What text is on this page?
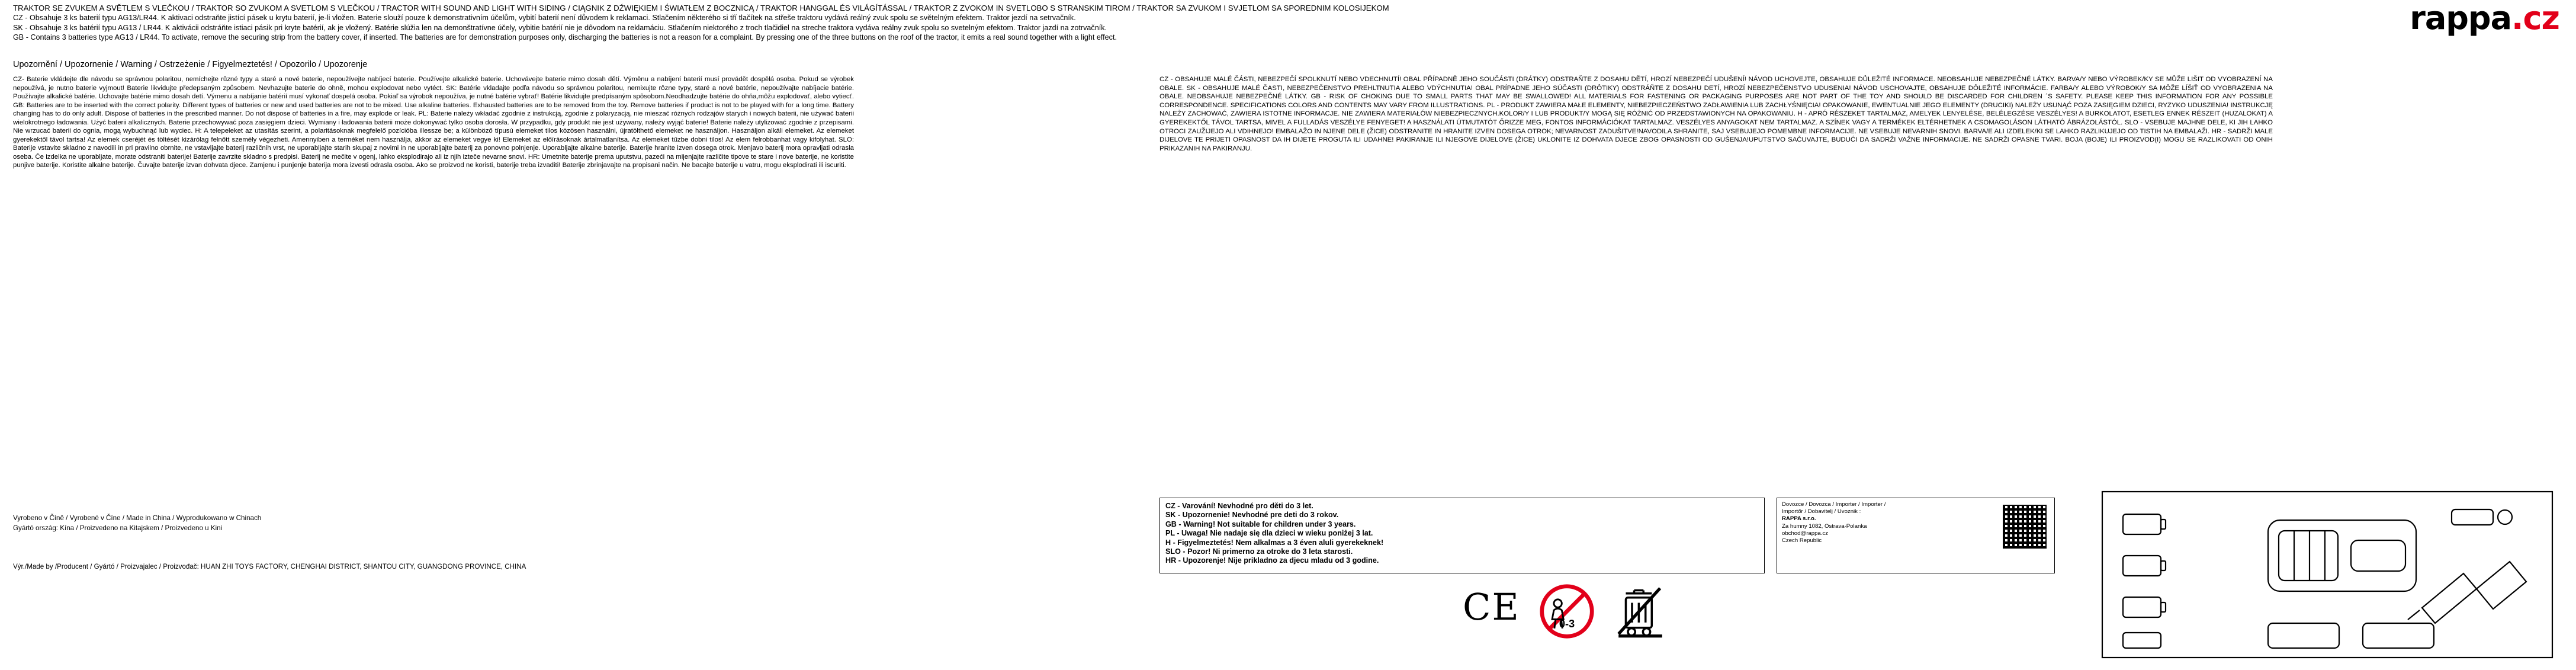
rappa.cz
TRAKTOR SE ZVUKEM A SVĚTLEM S VLEČKOU / TRAKTOR SO ZVUKOM A SVETLOM S VLEČKOU / TRACTOR WITH SOUND AND LIGHT WITH SIDING / CIĄGNIK Z DŹWIĘKIEM I ŚWIATŁEM Z BOCZNICĄ / TRAKTOR HANGGAL ÉS VILÁGÍTÁSSAL / TRAKTOR Z ZVOKOM IN SVETLOBO S STRANSKIM TIROM / TRAKTOR SA ZVUKOM I SVJETLOM SA SPOREDNIM KOLOSIJEKOM
CZ - Obsahuje 3 ks baterií typu AG13/LR44. K aktivaci odstraňte jistící pásek u krytu baterií, je-li vložen. Baterie slouží pouze k demonstrativním účelům, vybití baterií není důvodem k reklamaci. Stlačením některého si tří tlačítek na střeše traktoru vydává reálný zvuk spolu se světelným efektem. Traktor jezdí na setrvačník.
SK - Obsahuje 3 ks batérií typu AG13 / LR44. K aktivácii odstráňte istiaci pásik pri kryte batérií, ak je vložený. Batérie slúžia len na demonštratívne účely, vybitie batérií nie je dôvodom na reklamáciu. Stlačením niektorého z troch tlačidiel na streche traktora vydáva reálny zvuk spolu so svetelným efektom. Traktor jazdí na zotrvačník.
GB - Contains 3 batteries type AG13 / LR44. To activate, remove the securing strip from the battery cover, if inserted. The batteries are for demonstration purposes only, discharging the batteries is not a reason for a complaint. By pressing one of the three buttons on the roof of the tractor, it emits a real sound together with a light effect.
Upozornění / Upozornenie / Warning / Ostrzeżenie / Figyelmeztetés! / Opozorilo / Upozorenje

CZ- Baterie vkládejte dle návodu se správnou polaritou, nemíchejte různé typy a staré a nové baterie, nepoužívejte nabíjecí baterie. Používejte alkalické baterie. Uchovávejte baterie mimo dosah dětí. Výměnu a nabíjení baterií musí provádět dospělá osoba. Pokud se výrobek nepoužívá, je nutno baterie vyjmout! Baterie likvidujte předepsaným způsobem. Nevhazujte baterie do ohně, mohou explodovat nebo vytéct. SK: Batérie vkladajte podľa návodu so správnou polaritou, nemixujte rôzne typy, staré a nové batérie, nepoužívajte nabíjacie batérie. Používajte alkalické batérie. Uchovajte batérie mimo dosah detí. Výmenu a nabíjanie batérií musí vykonať dospelá osoba. Pokiaľ sa výrobok nepoužíva, je nutné batérie vybrať! Batérie likvidujte predpísaným spôsobom.Neodhadzujte batérie do ohňa,môžu explodovať, alebo vytiecť. GB: Batteries are to be inserted with the correct polarity. Different types of batteries or new and used batteries are not to be mixed. Use alkaline batteries. Exhausted batteries are to be removed from the toy. Remove batteries if product is not to be played with for a long time. Battery changing has to do only adult. Dispose of batteries in the prescribed manner. Do not dispose of batteries in a fire, may explode or leak. PL: Baterie należy wkładać zgodnie z instrukcją, zgodnie z polaryzacją, nie mieszać różnych rodzajów starych i nowych baterii, nie używać baterii wielokrotnego ładowania. Użyć baterii alkalicznych. Baterie przechowywać poza zasięgiem dzieci. Wymiany i ładowania baterii może dokonywać tylko osoba dorosła. W przypadku, gdy produkt nie jest używany, należy wyjąć baterie! Baterie należy utylizować zgodnie z przepisami. Nie wrzucać baterii do ognia, mogą wybuchnąć lub wyciec. H: A telepeleket az utasítás szerint, a polaritásoknak megfelelő pozícióba illessze be; a különböző típusú elemeket tilos közösen használni, újratölthető elemeket ne használjon. Használjon alkáli elemeket. Az elemeket gyerekektől távol tartsa! Az elemek cseréjét és töltését kizárólag felnőtt személy végezheti. Amennyiben a terméket nem használja, akkor az elemeket vegye ki! Elemeket az előírásoknak ártalmatlanítsa. Az elemeket tűzbe dobni tilos! Az elem felrobbanhat vagy kifolyhat. SLO: Baterije vstavite skladno z navodili in pri pravilno obrnite, ne vstavljajte baterij različnih vrst, ne uporabljajte starih skupaj z novimi in ne uporabljajte baterij za ponovno polnjenje. Uporabljajte alkalne baterije. Baterije hranite izven dosega otrok. Menjavo baterij mora opravljati odrasla oseba. Če izdelka ne uporabljate, morate odstraniti baterije! Baterije zavrzite skladno s predpisi. Baterij ne mečite v ogenj, lahko eksplodirajo ali iz njih izteče nevarne snovi. HR: Umetnite baterije prema uputstvu, pazeći na mijenjajte različite tipove te stare i nove baterije, ne koristite punjive baterije. Koristite alkalne baterije. Čuvajte baterije izvan dohvata djece. Zamjenu i punjenje baterija mora izvesti odrasla osoba. Ako se proizvod ne koristi, baterije trebа izvaditi! Baterije zbrinjavajte na propisani način. Ne bacajte baterije u vatru, mogu eksplodirati ili iscuriti.

Vyrobeno v Číně / Vyrobené v Číne / Made in China / Wyprodukowano w Chinach
Gyártó ország: Kína / Proizvedeno na Kitajskem / Proizvedeno u Kini
Výr./Made by /Producent / Gyártó / Proizvajalec / Proizvođač: HUAN ZHI TOYS FACTORY, CHENGHAI DISTRICT, SHANTOU CITY, GUANGDONG PROVINCE, CHINA
CZ - OBSAHUJE MALÉ ČÁSTI, NEBEZPEČÍ SPOLKNUTÍ NEBO VDECHNUTÍ! OBAL PŘÍPADNĚ JEHO SOUČÁSTI (DRÁTKY) ODSTRAŇTE Z DOSAHU DĚTÍ, HROZÍ NEBEZPEČÍ UDUŠENÍ! NÁVOD UCHOVEJTE, OBSAHUJE DŮLEŽITÉ INFORMACE. NEOBSAHUJE NEBEZPEČNÉ LÁTKY. BARVA/Y NEBO VÝROBEK/KY SE MŮŽE LIŠIT OD VYOBRAZENÍ NA OBALE. SK - OBSAHUJE MALÉ ČASTI, NEBEZPEČENSTVO PREHLTNUTIA ALEBO VDÝCHNUTIA! OBAL PRÍPADNE JEHO SÚČASTI (DRÔTIKY) ODSTRÁŇTE Z DOSAHU DETÍ, HROZÍ NEBEZPEČENSTVO UDUSENIA! NÁVOD USCHOVAJTE, OBSAHUJE DÔLEŽITÉ INFORMÁCIE. FARBA/Y ALEBO VÝROBOK/Y SA MÔŽE LÍŠIŤ OD VYOBRAZENIA NA OBALE. NEOBSAHUJE NEBEZPEČNÉ LÁTKY. GB - RISK OF CHOKING DUE TO SMALL PARTS THAT MAY BE SWALLOWED! ALL MATERIALS FOR FASTENING OR PACKAGING PURPOSES ARE NOT PART OF THE TOY AND SHOULD BE DISCARDED FOR CHILDREN ´S SAFETY. PLEASE KEEP THIS INFORMATION FOR ANY POSSIBLE CORRESPONDENCE. SPECIFICATIONS COLORS AND CONTENTS MAY VARY FROM ILLUSTRATIONS. PL - PRODUKT ZAWIERA MAŁE ELEMENTY, NIEBEZPIECZEŃSTWO ZADŁAWIENIA LUB ZACHŁYŚNIĘCIA! OPAKOWANIE, EWENTUALNIE JEGO ELEMENTY (DRUCIKI) NALEŻY USUNĄĆ POZA ZASIĘGIEM DZIECI, RYZYKO UDUSZENIA! INSTRUKCJĘ NALEŻY ZACHOWAĆ, ZAWIERA ISTOTNE INFORMACJE. NIE ZAWIERA MATERIAŁÓW NIEBEZPIECZNYCH.KOLOR/Y I LUB PRODUKT/Y MOGĄ SIĘ RÓŻNIĆ OD PRZEDSTAWIONYCH NA OPAKOWANIU. H - APRÓ RÉSZEKET TARTALMAZ, AMELYEK LENYELÉSE, BELÉLEGZÉSE VESZÉLYES! A BURKOLATOT, ESETLEG ENNEK RÉSZEIT (HUZALOKAT) A GYEREKEKTŐL TÁVOL TARTSA, MIVEL A FULLADÁS VESZÉLYE FENYEGET! A HASZNÁLATI ÚTMUTATÓT ŐRIZZE MEG, FONTOS INFORMÁCIÓKAT TARTALMAZ. VESZÉLYES ANYAGOKAT NEM TARTALMAZ. A SZÍNEK VAGY A TERMÉKEK ELTÉRHETNEK A CSOMAGOLÁSON LÁTHATÓ ÁBRÁZOLÁSTÓL. SLO - VSEBUJE MAJHNE DELE, KI JIH LAHKO OTROCI ZAUŽIJEJO ALI VDIHNEJO! EMBALAŽO IN NJENE DELE (ŽICE) ODSTRANITE IN HRANITE IZVEN DOSEGA OTROK; NEVARNOST ZADUŠITVE!NAVODILA SHRANITE, SAJ VSEBUJEJO POMEMBNE INFORMACIJE. NE VSEBUJE NEVARNIH SNOVI. BARVA/E ALI IZDELEK/KI SE LAHKO RAZLIKUJEJO OD TISTIH NA EMBALAŽI. HR - SADRŽI MALE DIJELOVE TE PRIJETI OPASNOST DA IH DIJETE PROGUTA ILI UDAHNE! PAKIRANJE ILI NJEGOVE DIJELOVE (ŽICE) UKLONITE IZ DOHVATA DJECE ZBOG OPASNOSTI OD GUŠENJA!UPUTSTVO SAČUVAJTE, BUDUĆI DA SADRŽI VAŽNE INFORMACIJE. NE SADRŽI OPASNE TVARI. BOJA (BOJE) ILI PROIZVOD(I) MOGU SE RAZLIKOVATI OD ONIH PRIKAZANIH NA PAKIRANJU.
CZ - Varování! Nevhodné pro děti do 3 let.
SK - Upozornenie! Nevhodné pre deti do 3 rokov.
GB - Warning! Not suitable for children under 3 years.
PL - Uwaga! Nie nadaje się dla dzieci w wieku poniżej 3 lat.
H - Figyelmeztetés! Nem alkalmas a 3 éven aluli gyerekeknek!
SLO - Pozor! Ni primerno za otroke do 3 leta starosti.
HR - Upozorenje! Nije prikladno za djecu mladu od 3 godine.
Dovozce / Dovozca / Importer / Importer /
Importőr / Dobavitelj / Uvoznik :
RAPPA s.r.o.
Za humny 1082, Ostrava-Polanka
obchod@rappa.cz
Czech Republic
CE	0-3
